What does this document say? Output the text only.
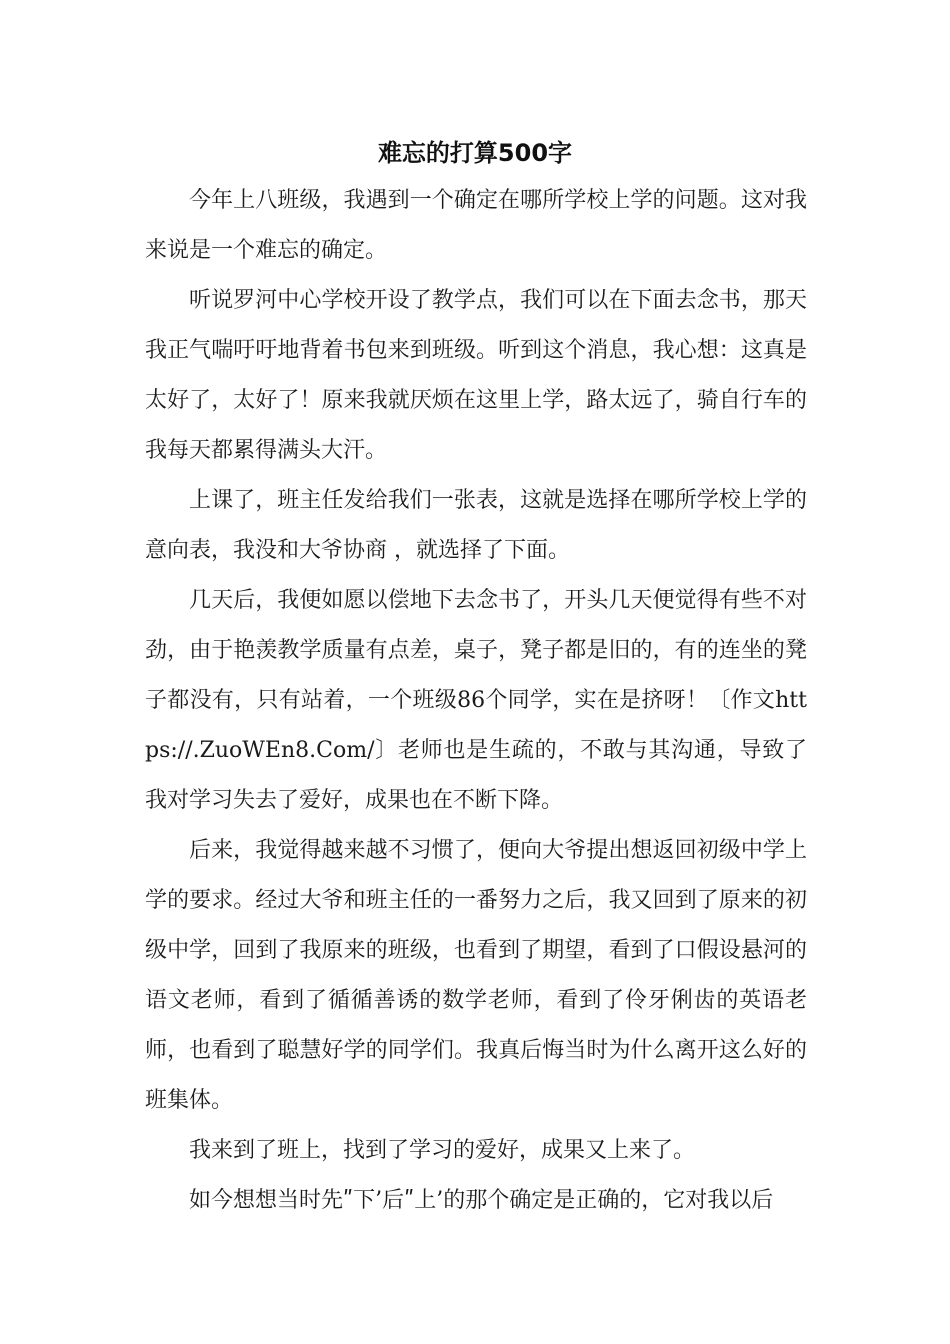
难忘的打算500字

今年上八班级，我遇到一个确定在哪所学校上学的问题。这对我来说是一个难忘的确定。

听说罗河中心学校开设了教学点，我们可以在下面去念书，那天我正气喘吁吁地背着书包来到班级。听到这个消息，我心想：这真是太好了，太好了！原来我就厌烦在这里上学，路太远了，骑自行车的我每天都累得满头大汗。

上课了，班主任发给我们一张表，这就是选择在哪所学校上学的意向表，我没和大爷协商 ，就选择了下面。

几天后，我便如愿以偿地下去念书了，开头几天便觉得有些不对劲，由于艳羡教学质量有点差，桌子，凳子都是旧的，有的连坐的凳子都没有，只有站着，一个班级86个同学，实在是挤呀！〔作文https://.ZuoWEn8.Com/〕老师也是生疏的，不敢与其沟通，导致了我对学习失去了爱好，成果也在不断下降。

后来，我觉得越来越不习惯了，便向大爷提出想返回初级中学上学的要求。经过大爷和班主任的一番努力之后，我又回到了原来的初级中学，回到了我原来的班级，也看到了期望，看到了口假设悬河的语文老师，看到了循循善诱的数学老师，看到了伶牙俐齿的英语老师，也看到了聪慧好学的同学们。我真后悔当时为什么离开这么好的班集体。

我来到了班上，找到了学习的爱好，成果又上来了。

如今想想当时先ʺ下’后ʺ上’的那个确定是正确的，它对我以后
